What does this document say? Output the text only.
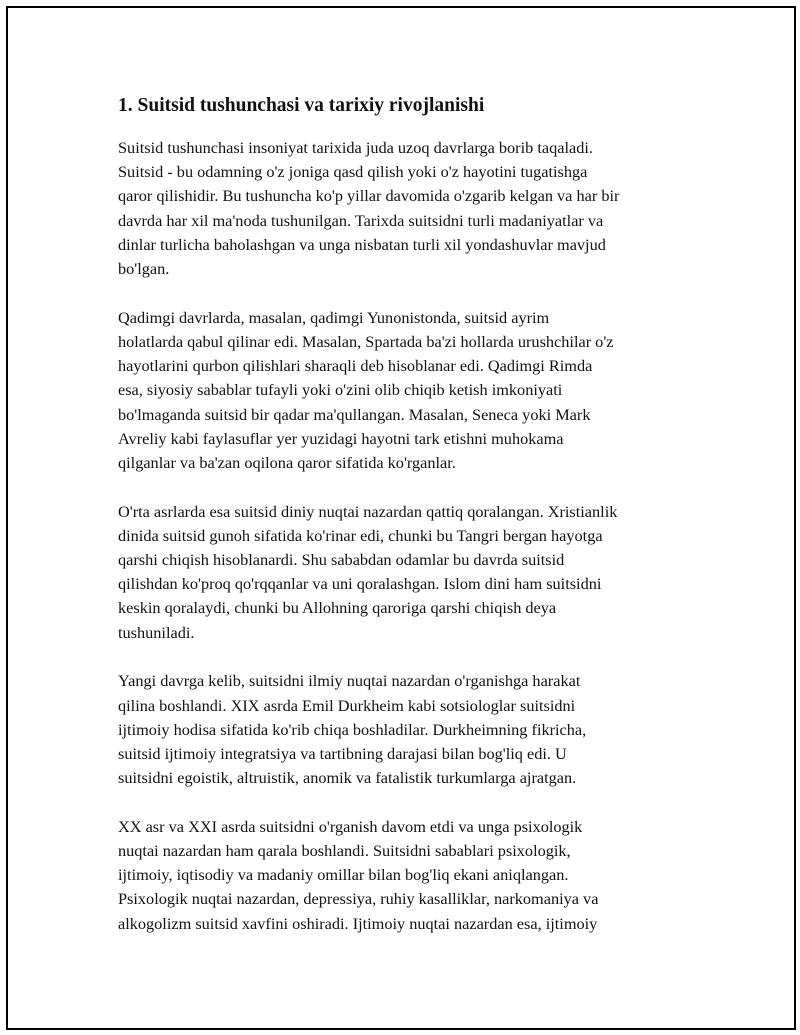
1. Suitsid tushunchasi va tarixiy rivojlanishi

Suitsid tushunchasi insoniyat tarixida juda uzoq davrlarga borib taqaladi.
Suitsid - bu odamning o'z joniga qasd qilish yoki o'z hayotini tugatishga
qaror qilishidir. Bu tushuncha ko'p yillar davomida o'zgarib kelgan va har bir
davrda har xil ma'noda tushunilgan. Tarixda suitsidni turli madaniyatlar va
dinlar turlicha baholashgan va unga nisbatan turli xil yondashuvlar mavjud
bo'lgan.

Qadimgi davrlarda, masalan, qadimgi Yunonistonda, suitsid ayrim
holatlarda qabul qilinar edi. Masalan, Spartada ba'zi hollarda urushchilar o'z
hayotlarini qurbon qilishlari sharaqli deb hisoblanar edi. Qadimgi Rimda
esa, siyosiy sabablar tufayli yoki o'zini olib chiqib ketish imkoniyati
bo'lmaganda suitsid bir qadar ma'qullangan. Masalan, Seneca yoki Mark
Avreliy kabi faylasuflar yer yuzidagi hayotni tark etishni muhokama
qilganlar va ba'zan oqilona qaror sifatida ko'rganlar.

O'rta asrlarda esa suitsid diniy nuqtai nazardan qattiq qoralangan. Xristianlik
dinida suitsid gunoh sifatida ko'rinar edi, chunki bu Tangri bergan hayotga
qarshi chiqish hisoblanardi. Shu sababdan odamlar bu davrda suitsid
qilishdan ko'proq qo'rqqanlar va uni qoralashgan. Islom dini ham suitsidni
keskin qoralaydi, chunki bu Allohning qaroriga qarshi chiqish deya
tushuniladi.

Yangi davrga kelib, suitsidni ilmiy nuqtai nazardan o'rganishga harakat
qilina boshlandi. XIX asrda Emil Durkheim kabi sotsiologlar suitsidni
ijtimoiy hodisa sifatida ko'rib chiqa boshladilar. Durkheimning fikricha,
suitsid ijtimoiy integratsiya va tartibning darajasi bilan bog'liq edi. U
suitsidni egoistik, altruistik, anomik va fatalistik turkumlarga ajratgan.

XX asr va XXI asrda suitsidni o'rganish davom etdi va unga psixologik
nuqtai nazardan ham qarala boshlandi. Suitsidni sabablari psixologik,
ijtimoiy, iqtisodiy va madaniy omillar bilan bog'liq ekani aniqlangan.
Psixologik nuqtai nazardan, depressiya, ruhiy kasalliklar, narkomaniya va
alkogolizm suitsid xavfini oshiradi. Ijtimoiy nuqtai nazardan esa, ijtimoiy
